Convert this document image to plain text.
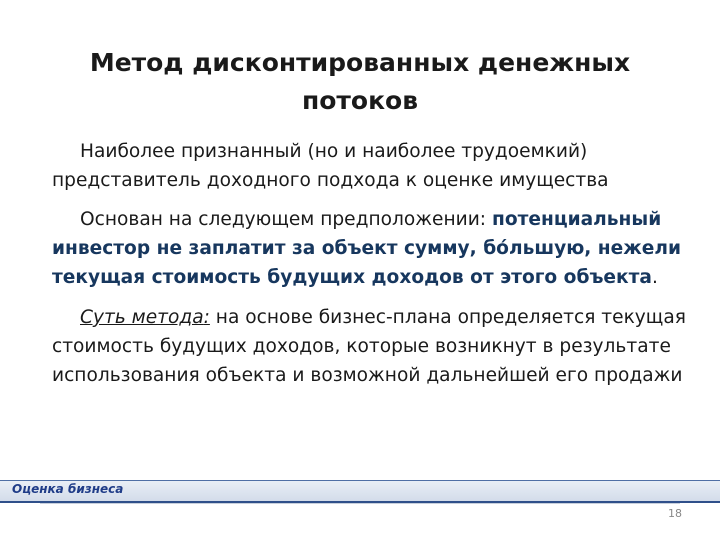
Метод дисконтированных денежных
потоков
Наиболее признанный (но и наиболее трудоемкий) представитель доходного подхода к оценке имущества
Основан на следующем предположении: потенциальный инвестор не заплатит за объект сумму, бóльшую, нежели текущая стоимость будущих доходов от этого объекта.
Суть метода: на основе бизнес-плана определяется текущая стоимость будущих доходов, которые возникнут в результате использования объекта и возможной дальнейшей его продажи
Оценка бизнеса
18
